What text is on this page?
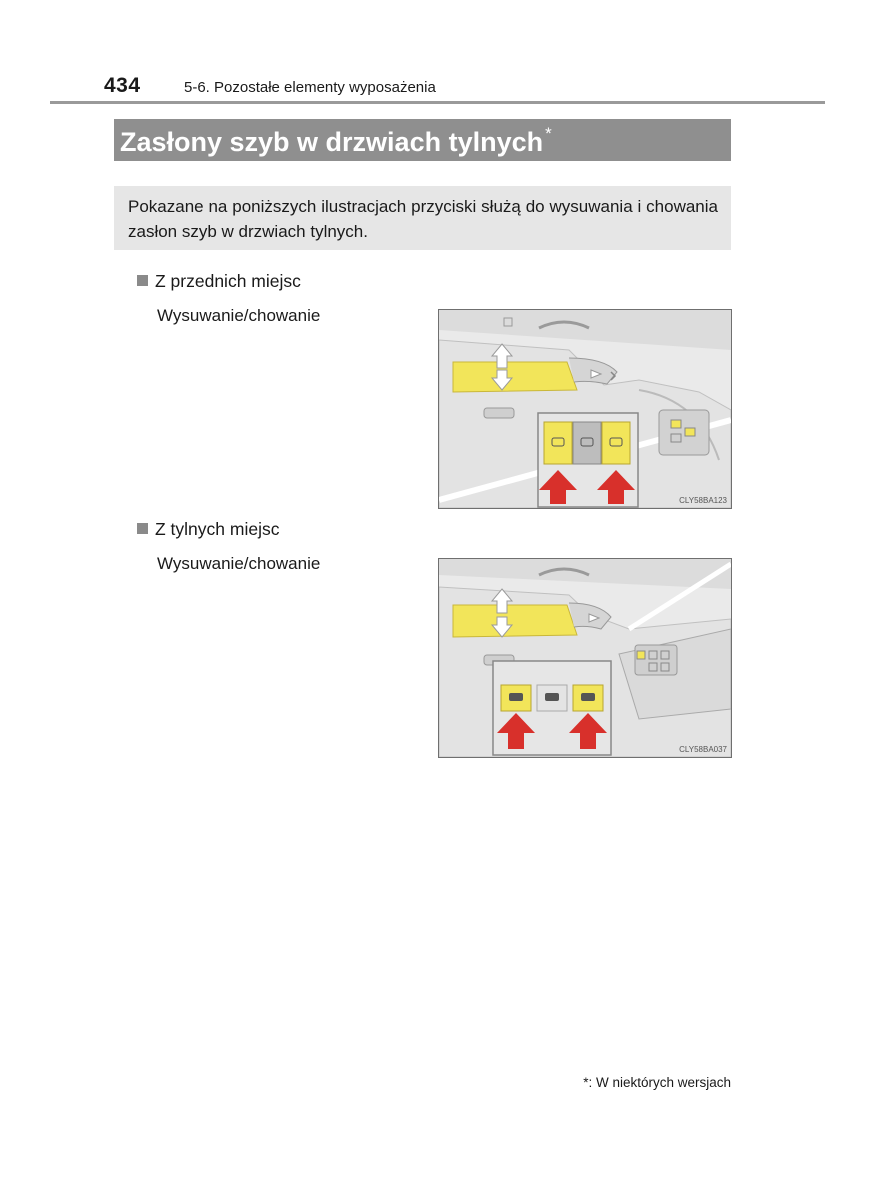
434	5-6. Pozostałe elementy wyposażenia
Zasłony szyb w drzwiach tylnych *
Pokazane na poniższych ilustracjach przyciski służą do wysuwania i chowania zasłon szyb w drzwiach tylnych.
Z przednich miejsc
Wysuwanie/chowanie
CLY58BA123
Z tylnych miejsc
Wysuwanie/chowanie
CLY58BA037
*: W niektórych wersjach
